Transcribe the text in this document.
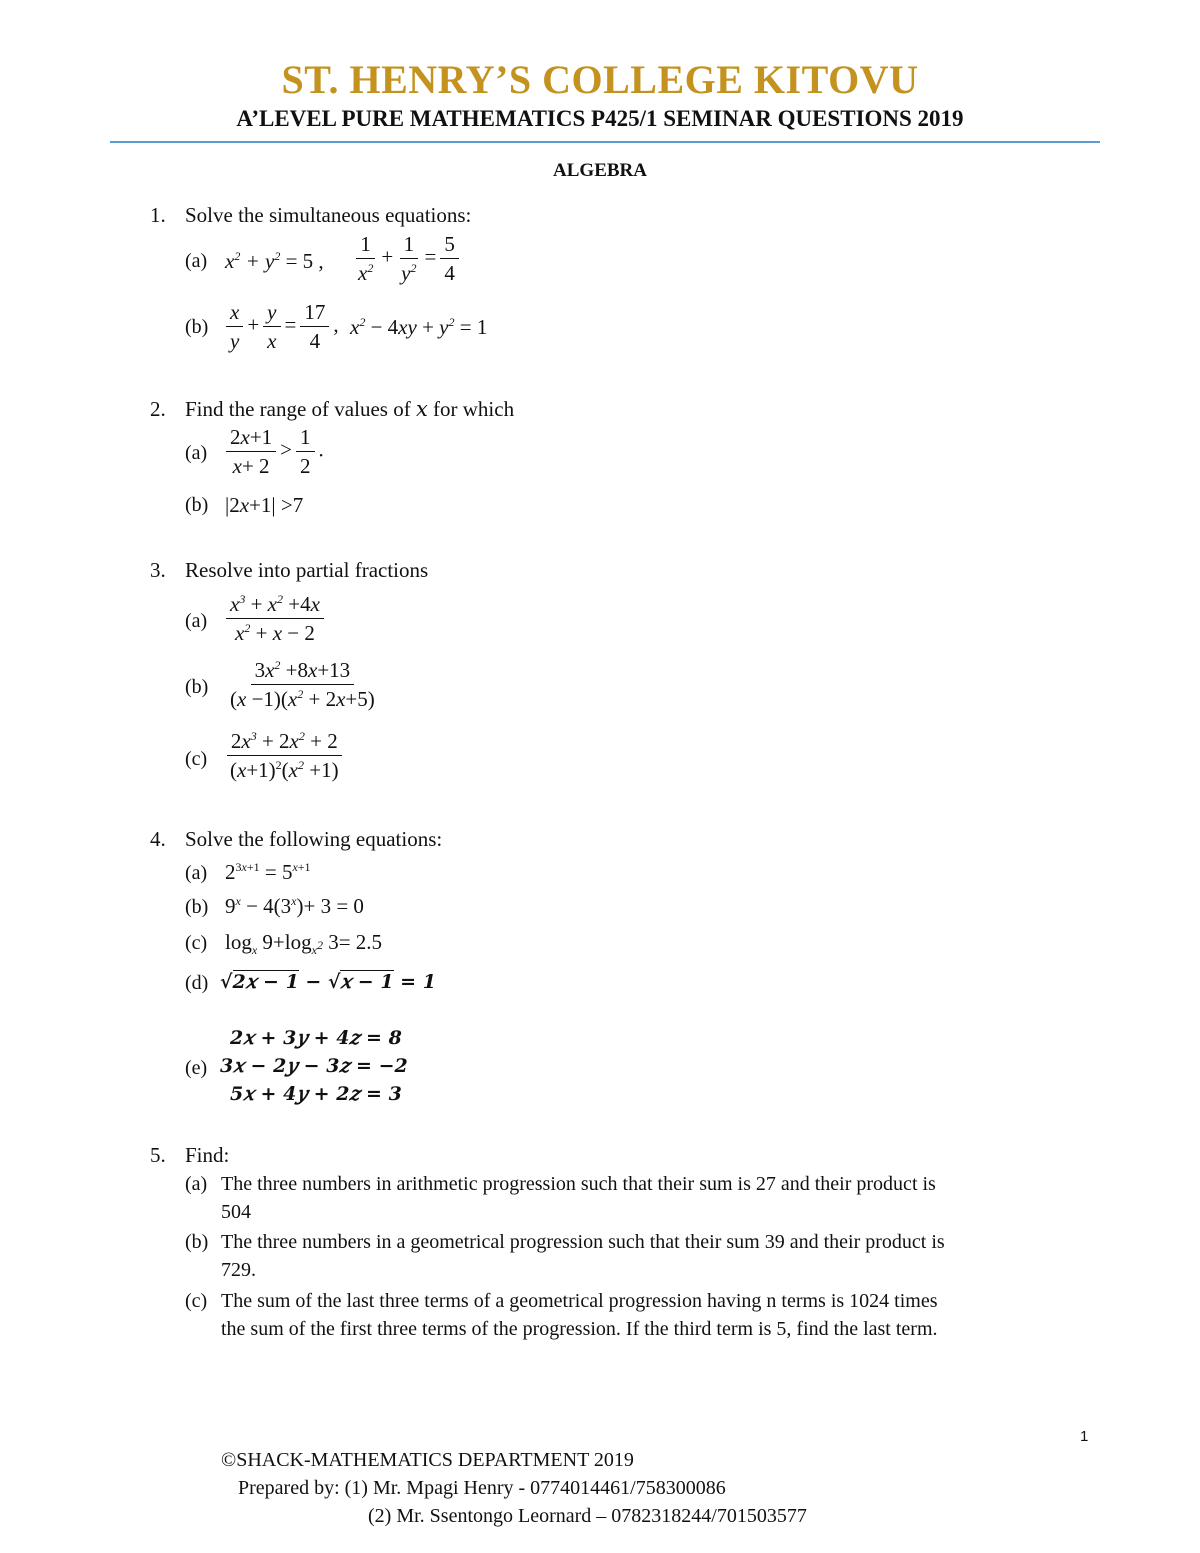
ST. HENRY’S COLLEGE KITOVU
A’LEVEL PURE MATHEMATICS P425/1 SEMINAR QUESTIONS 2019
ALGEBRA
1. Solve the simultaneous equations:
(a) $x^2 + y^2 = 5$ , $\frac{1}{x^2} + \frac{1}{y^2} = \frac{5}{4}$
$(b) \frac{x}{y} + \frac{y}{x} = \frac{17}{4}$ , $x^2 - 4xy + y^2 = 1$
2. Find the range of values of 𝑥 for which
$(a) \frac{2x+1}{x+ 2} > \frac{1}{2}$ .
(b) |2x+1| >7
3. Resolve into partial fractions
$(a) \frac{x^3 + x^2 +4x}{x^2 + x - 2}$
$(b) \frac{3x^2 +8x+13}{(x -1)(x^2 + 2x+5)}$
$(c) \frac{2x^3 + 2x^2 + 2}{(x+1)^2(x^2 +1)}$
4. Solve the following equations:
(a) $2^{3x+1} = 5^{x+1}$
(b) $9^x - 4(3^x)+ 3 = 0$
(c) $\log_x 9+\log_{x^2}$ 3= 2.5
(d) √2𝑥 − 1 − √𝑥 − 1 = 1
2𝑥 + 3𝑦 + 4𝑧 = 8
(e) 3𝑥 − 2𝑦 − 3𝑧 = −2
5𝑥 + 4𝑦 + 2𝑧 = 3
5. Find:
(a) The three numbers in arithmetic progression such that their sum is 27 and their product is
504
(b) The three numbers in a geometrical progression such that their sum 39 and their product is
729.
(c) The sum of the last three terms of a geometrical progression having n terms is 1024 times
the sum of the first three terms of the progression. If the third term is 5, find the last term.
1
©SHACK-MATHEMATICS DEPARTMENT 2019
Prepared by: (1) Mr. Mpagi Henry - 0774014461/758300086
(2) Mr. Ssentongo Leornard – 0782318244/701503577
